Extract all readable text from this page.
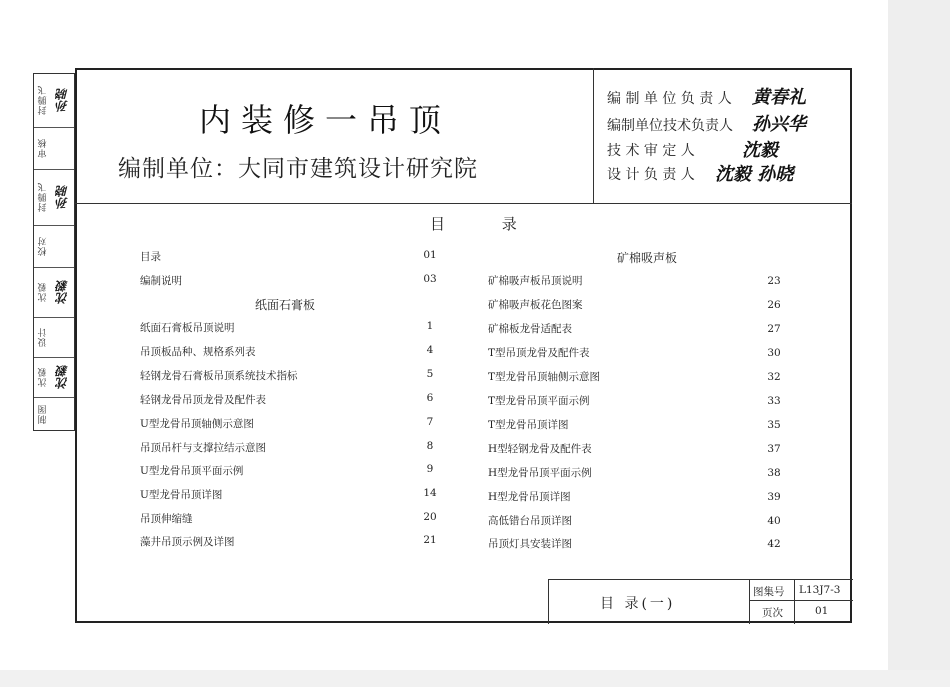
封腾飞 孙晓
审核
封腾飞 孙晓
校对
沈毅 沈毅
设计
沈毅 沈毅
制图
内装修一吊顶
编制单位：大同市建筑设计研究院
编 制 单 位 负 责 人 黄春礼
编制单位技术负责人 孙兴华
技 术 审 定 人	沈毅
设 计 负 责 人 沈毅 孙晓
目 录
目录	01
编制说明	03
纸面石膏板
纸面石膏板吊顶说明	1
吊顶板品种、规格系列表	4
轻钢龙骨石膏板吊顶系统技术指标	5
轻钢龙骨吊顶龙骨及配件表	6
U型龙骨吊顶轴侧示意图	7
吊顶吊杆与支撑拉结示意图	8
U型龙骨吊顶平面示例	9
U型龙骨吊顶详图	14
吊顶伸缩缝	20
藻井吊顶示例及详图	21
矿棉吸声板
矿棉吸声板吊顶说明	23
矿棉吸声板花色图案	26
矿棉板龙骨适配表	27
T型吊顶龙骨及配件表	30
T型龙骨吊顶轴侧示意图	32
T型龙骨吊顶平面示例	33
T型龙骨吊顶详图	35
H型轻钢龙骨及配件表	37
H型龙骨吊顶平面示例	38
H型龙骨吊顶详图	39
高低错台吊顶详图	40
吊顶灯具安装详图	42
目 录(一)
图集号 L13J7-3
页次	01
